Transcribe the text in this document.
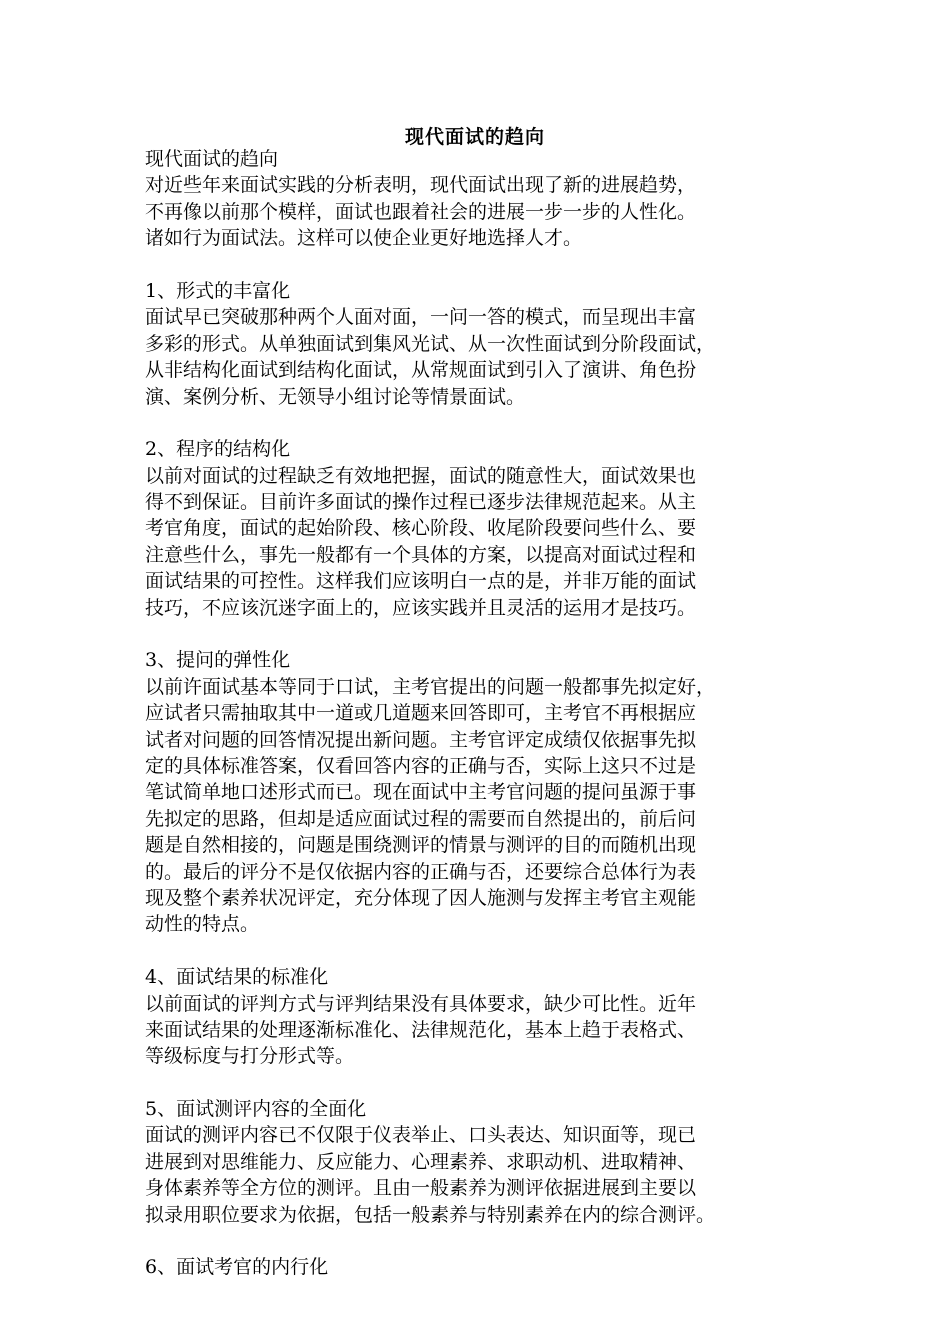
现代面试的趋向
现代面试的趋向
对近些年来面试实践的分析表明，现代面试出现了新的进展趋势，
不再像以前那个模样，面试也跟着社会的进展一步一步的人性化。
诸如行为面试法。这样可以使企业更好地选择人才。
1、形式的丰富化
面试早已突破那种两个人面对面，一问一答的模式，而呈现出丰富
多彩的形式。从单独面试到集风光试、从一次性面试到分阶段面试，
从非结构化面试到结构化面试，从常规面试到引入了演讲、角色扮
演、案例分析、无领导小组讨论等情景面试。
2、程序的结构化
以前对面试的过程缺乏有效地把握，面试的随意性大，面试效果也
得不到保证。目前许多面试的操作过程已逐步法律规范起来。从主
考官角度，面试的起始阶段、核心阶段、收尾阶段要问些什么、要
注意些什么，事先一般都有一个具体的方案，以提高对面试过程和
面试结果的可控性。这样我们应该明白一点的是，并非万能的面试
技巧，不应该沉迷字面上的，应该实践并且灵活的运用才是技巧。
3、提问的弹性化
以前许面试基本等同于口试，主考官提出的问题一般都事先拟定好，
应试者只需抽取其中一道或几道题来回答即可，主考官不再根据应
试者对问题的回答情况提出新问题。主考官评定成绩仅依据事先拟
定的具体标准答案，仅看回答内容的正确与否，实际上这只不过是
笔试简单地口述形式而已。现在面试中主考官问题的提问虽源于事
先拟定的思路，但却是适应面试过程的需要而自然提出的，前后问
题是自然相接的，问题是围绕测评的情景与测评的目的而随机出现
的。最后的评分不是仅依据内容的正确与否，还要综合总体行为表
现及整个素养状况评定，充分体现了因人施测与发挥主考官主观能
动性的特点。
4、面试结果的标准化
以前面试的评判方式与评判结果没有具体要求，缺少可比性。近年
来面试结果的处理逐渐标准化、法律规范化，基本上趋于表格式、
等级标度与打分形式等。
5、面试测评内容的全面化
面试的测评内容已不仅限于仪表举止、口头表达、知识面等，现已
进展到对思维能力、反应能力、心理素养、求职动机、进取精神、
身体素养等全方位的测评。且由一般素养为测评依据进展到主要以
拟录用职位要求为依据，包括一般素养与特别素养在内的综合测评。
6、面试考官的内行化
